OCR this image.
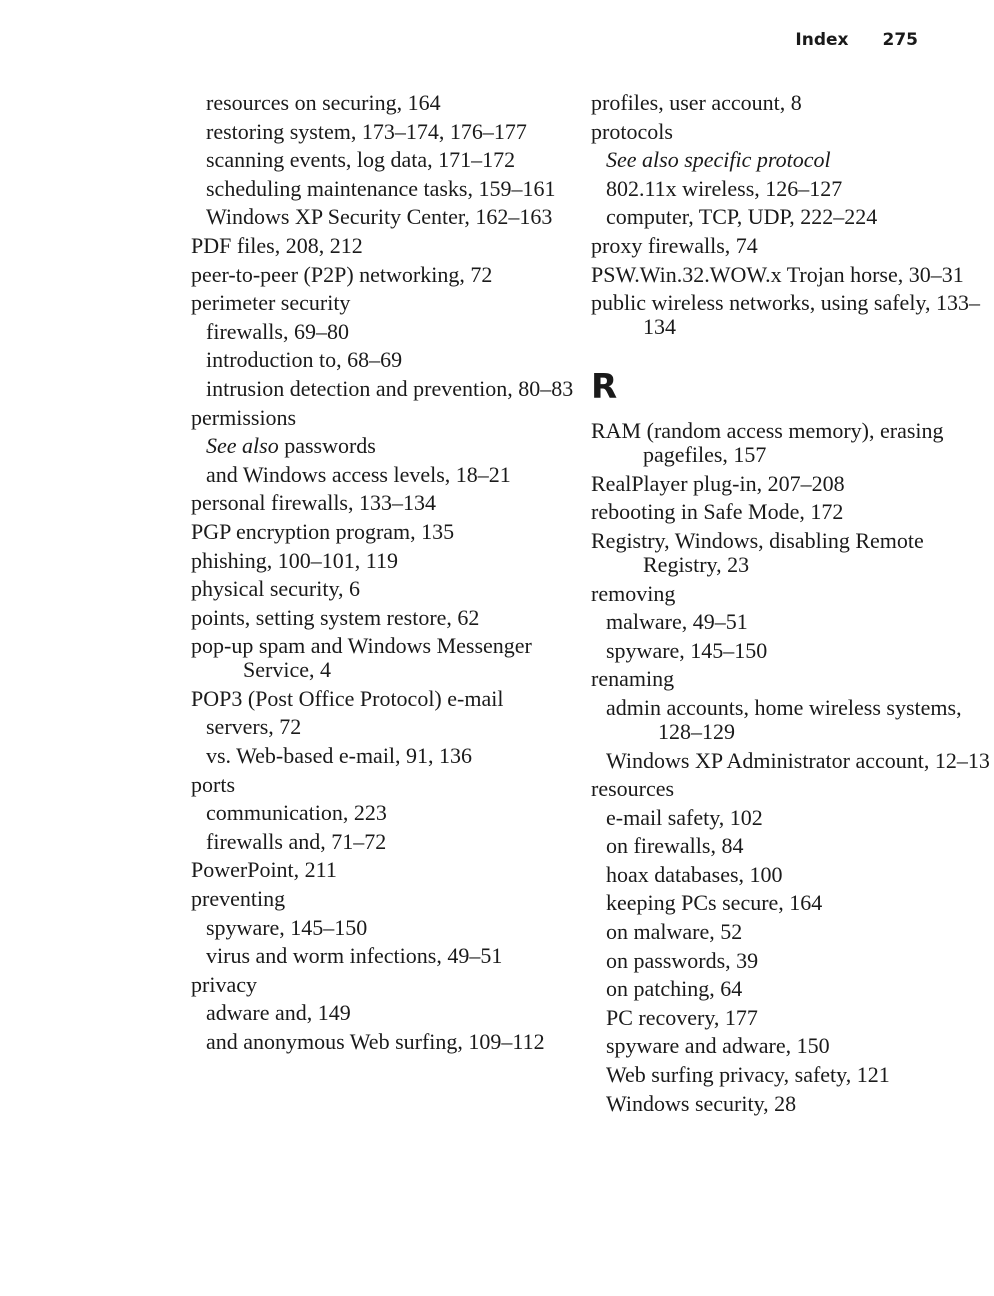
Index 275
resources on securing, 164
restoring system, 173–174, 176–177
scanning events, log data, 171–172
scheduling maintenance tasks, 159–161
Windows XP Security Center, 162–163
PDF files, 208, 212
peer-to-peer (P2P) networking, 72
perimeter security
firewalls, 69–80
introduction to, 68–69
intrusion detection and prevention, 80–83
permissions
See also passwords
and Windows access levels, 18–21
personal firewalls, 133–134
PGP encryption program, 135
phishing, 100–101, 119
physical security, 6
points, setting system restore, 62
pop-up spam and Windows Messenger Service, 4
POP3 (Post Office Protocol) e-mail
servers, 72
vs. Web-based e-mail, 91, 136
ports
communication, 223
firewalls and, 71–72
PowerPoint, 211
preventing
spyware, 145–150
virus and worm infections, 49–51
privacy
adware and, 149
and anonymous Web surfing, 109–112
profiles, user account, 8
protocols
See also specific protocol
802.11x wireless, 126–127
computer, TCP, UDP, 222–224
proxy firewalls, 74
PSW.Win.32.WOW.x Trojan horse, 30–31
public wireless networks, using safely, 133–134
R
RAM (random access memory), erasing pagefiles, 157
RealPlayer plug-in, 207–208
rebooting in Safe Mode, 172
Registry, Windows, disabling Remote Registry, 23
removing
malware, 49–51
spyware, 145–150
renaming
admin accounts, home wireless systems, 128–129
Windows XP Administrator account, 12–13
resources
e-mail safety, 102
on firewalls, 84
hoax databases, 100
keeping PCs secure, 164
on malware, 52
on passwords, 39
on patching, 64
PC recovery, 177
spyware and adware, 150
Web surfing privacy, safety, 121
Windows security, 28
